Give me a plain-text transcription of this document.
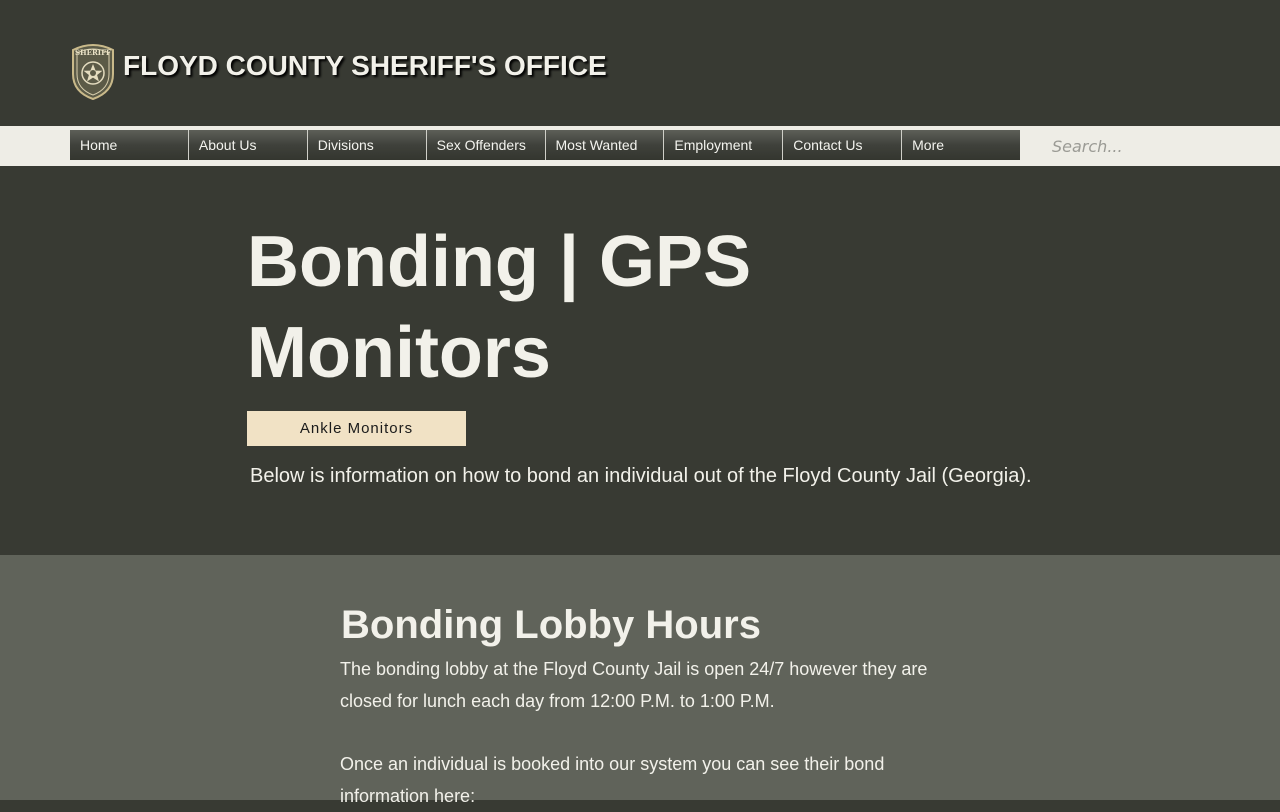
SHERIFF FLOYD COUNTY SHERIFF'S OFFICE
Home	About Us	Divisions	Sex Offenders	Most Wanted	Employment	Contact Us	More
Search...
Bonding | GPS Monitors
Ankle Monitors

Below is information on how to bond an individual out of the Floyd County Jail (Georgia).

Bonding Lobby Hours

The bonding lobby at the Floyd County Jail is open 24/7 however they are closed for lunch each day from 12:00 P.M. to 1:00 P.M.

Once an individual is booked into our system you can see their bond information here:
